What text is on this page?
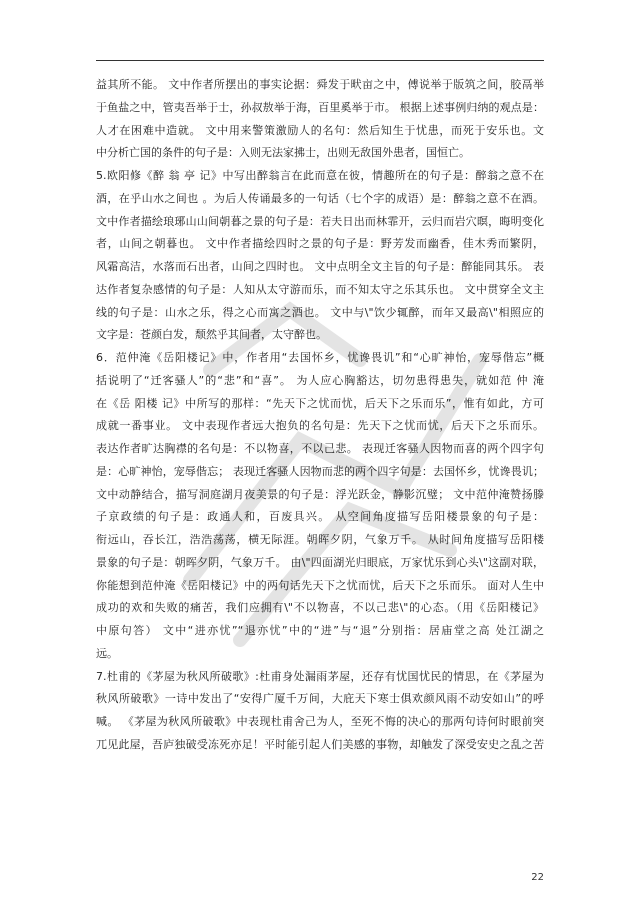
益其所不能。 文中作者所摆出的事实论据：舜发于畎亩之中，傅说举于版筑之间，胶鬲举
于鱼盐之中，管夷吾举于士，孙叔敖举于海，百里奚举于市。 根据上述事例归纳的观点是：
人才在困难中造就。 文中用来警策激励人的名句：然后知生于忧患，而死于安乐也。文
中分析亡国的条件的句子是：入则无法家拂士，出则无敌国外患者，国恒亡。
5.欧阳修《醉 翁 亭 记》中写出醉翁言在此而意在彼，情趣所在的句子是：醉翁之意不在
酒，在乎山水之间也 。为后人传诵最多的一句话（七个字的成语）是：醉翁之意不在酒。
文中作者描绘琅琊山山间朝暮之景的句子是：若夫日出而林霏开，云归而岩穴暝，晦明变化
者，山间之朝暮也。 文中作者描绘四时之景的句子是：野芳发而幽香，佳木秀而繁阴，
风霜高洁，水落而石出者，山间之四时也。 文中点明全文主旨的句子是：醉能同其乐。 表
达作者复杂感情的句子是：人知从太守游而乐，而不知太守之乐其乐也。 文中贯穿全文主
线的句子是：山水之乐，得之心而寓之酒也。 文中与\"饮少辄醉，而年又最高\"相照应的
文字是：苍颜白发，颓然乎其间者，太守醉也。
6．范仲淹《岳阳楼记》中，作者用“去国怀乡，忧谗畏讥”和“心旷神怡，宠辱偕忘”概
括说明了“迁客骚人”的“悲”和“喜”。 为人应心胸豁达，切勿患得患失，就如范 仲 淹
在《岳 阳楼 记》中所写的那样：“先天下之忧而忧，后天下之乐而乐”，惟有如此，方可
成就一番事业。 文中表现作者远大抱负的名句是：先天下之忧而忧，后天下之乐而乐。
表达作者旷达胸襟的名句是：不以物喜，不以己悲。 表现迁客骚人因物而喜的两个四字句
是：心旷神怡，宠辱偕忘； 表现迁客骚人因物而悲的两个四字句是：去国怀乡，忧谗畏讥；
文中动静结合，描写洞庭湖月夜美景的句子是：浮光跃金，静影沉璧； 文中范仲淹赞扬滕
子京政绩的句子是：政通人和，百废具兴。 从空间角度描写岳阳楼景象的句子是：
衔远山，吞长江，浩浩荡荡，横无际涯。朝晖夕阴，气象万千。 从时间角度描写岳阳楼
景象的句子是：朝晖夕阴，气象万千。 由\"四面湖光归眼底，万家忧乐到心头\"这副对联，
你能想到范仲淹《岳阳楼记》中的两句话先天下之忧而忧，后天下之乐而乐。 面对人生中
成功的欢和失败的痛苦，我们应拥有\"不以物喜，不以己悲\"的心态。（用《岳阳楼记》
中原句答） 文中“进亦忧”“退亦忧”中的“进”与“退”分别指：居庙堂之高 处江湖之
远。
7.杜甫的《茅屋为秋风所破歌》:杜甫身处漏雨茅屋，还存有忧国忧民的情思，在《茅屋为
秋风所破歌》一诗中发出了“安得广厦千万间，大庇天下寒士俱欢颜风雨不动安如山”的呼
喊。 《茅屋为秋风所破歌》中表现杜甫舍己为人，至死不悔的决心的那两句诗何时眼前突
兀见此屋，吾庐独破受冻死亦足！平时能引起人们美感的事物，却触发了深受安史之乱之苦
22
